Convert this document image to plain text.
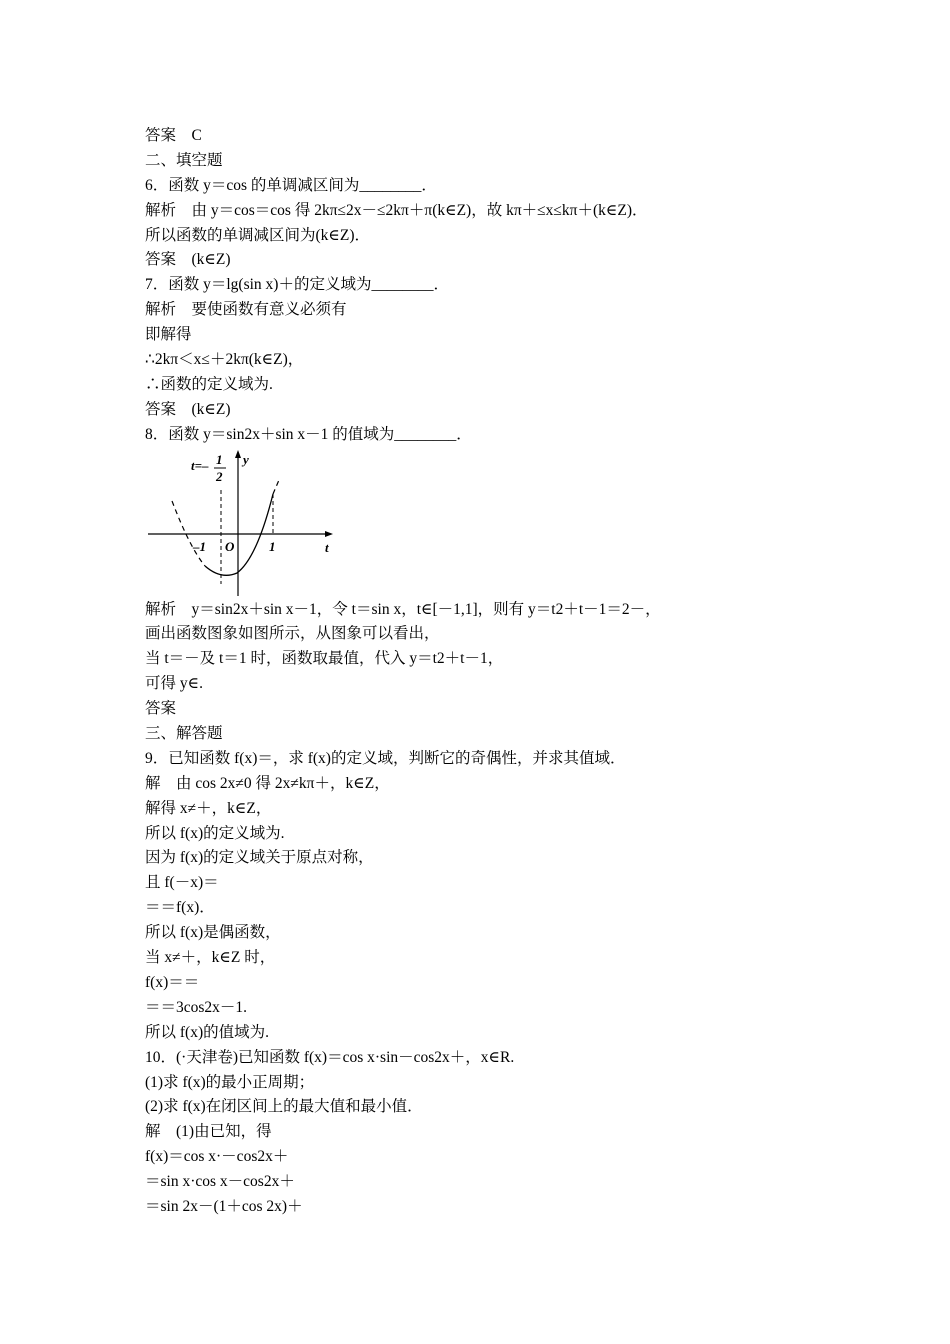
答案　C
二、填空题
6．函数 y＝cos 的单调减区间为________．
解析　由 y＝cos＝cos 得 2kπ≤2x－≤2kπ＋π(k∈Z)，故 kπ＋≤x≤kπ＋(k∈Z)．
所以函数的单调减区间为(k∈Z)．
答案　(k∈Z)
7．函数 y＝lg(sin x)＋的定义域为________．
解析　要使函数有意义必须有
即解得
∴2kπ＜x≤＋2kπ(k∈Z)，
∴函数的定义域为.
答案　(k∈Z)
8．函数 y＝sin2x＋sin x－1 的值域为________．
t=– 1
2
y
t
O
–1	1
解析　y＝sin2x＋sin x－1，令 t＝sin x，t∈[－1,1]，则有 y＝t2＋t－1＝2－，
画出函数图象如图所示，从图象可以看出，
当 t＝－及 t＝1 时，函数取最值，代入 y＝t2＋t－1，
可得 y∈.
答案
三、解答题
9．已知函数 f(x)＝，求 f(x)的定义域，判断它的奇偶性，并求其值域．
解　由 cos 2x≠0 得 2x≠kπ＋，k∈Z，
解得 x≠＋，k∈Z，
所以 f(x)的定义域为.
因为 f(x)的定义域关于原点对称，
且 f(－x)＝
＝＝f(x)．
所以 f(x)是偶函数，
当 x≠＋，k∈Z 时，
f(x)＝＝
＝＝3cos2x－1.
所以 f(x)的值域为.
10．(·天津卷)已知函数 f(x)＝cos x·sin－cos2x＋，x∈R.
(1)求 f(x)的最小正周期；
(2)求 f(x)在闭区间上的最大值和最小值．
解　(1)由已知，得
f(x)＝cos x·－cos2x＋
＝sin x·cos x－cos2x＋
＝sin 2x－(1＋cos 2x)＋
